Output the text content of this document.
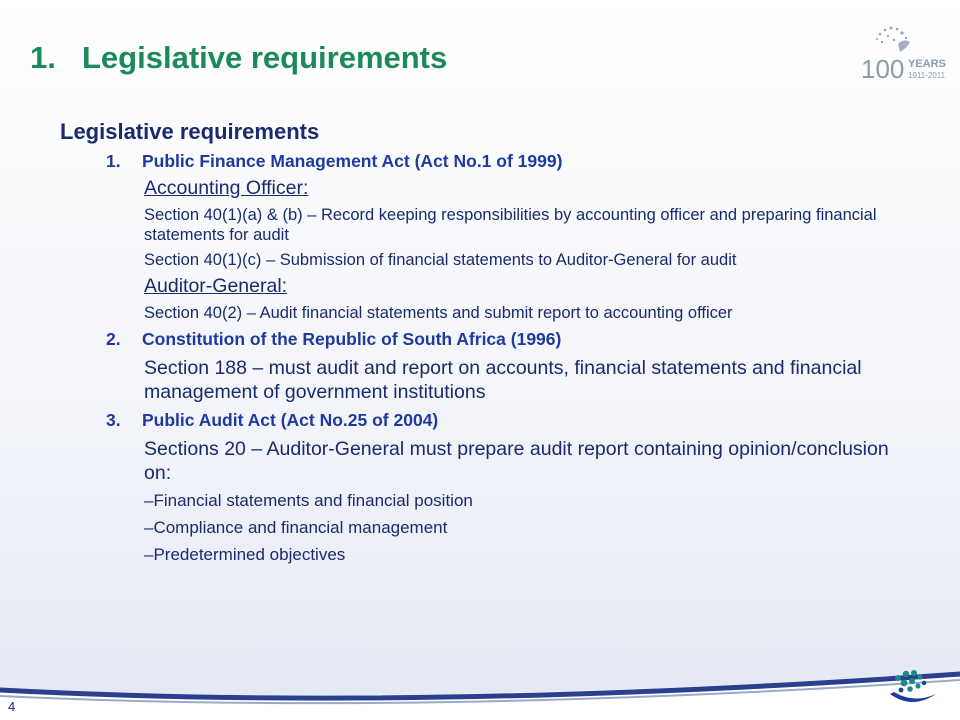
1. Legislative requirements	100 YEARS
1911-2011

Legislative requirements

1.	Public Finance Management Act (Act No.1 of 1999)
Accounting Officer:
Section 40(1)(a) & (b) – Record keeping responsibilities by accounting officer and preparing financial statements for audit
Section 40(1)(c) – Submission of financial statements to Auditor-General for audit
Auditor-General:
Section 40(2) – Audit financial statements and submit report to accounting officer
2.	Constitution of the Republic of South Africa (1996)
Section 188 – must audit and report on accounts, financial statements and financial management of government institutions
3.	Public Audit Act (Act No.25 of 2004)
Sections 20 – Auditor-General must prepare audit report containing opinion/conclusion on:
–Financial statements and financial position
–Compliance and financial management
–Predetermined objectives
4
